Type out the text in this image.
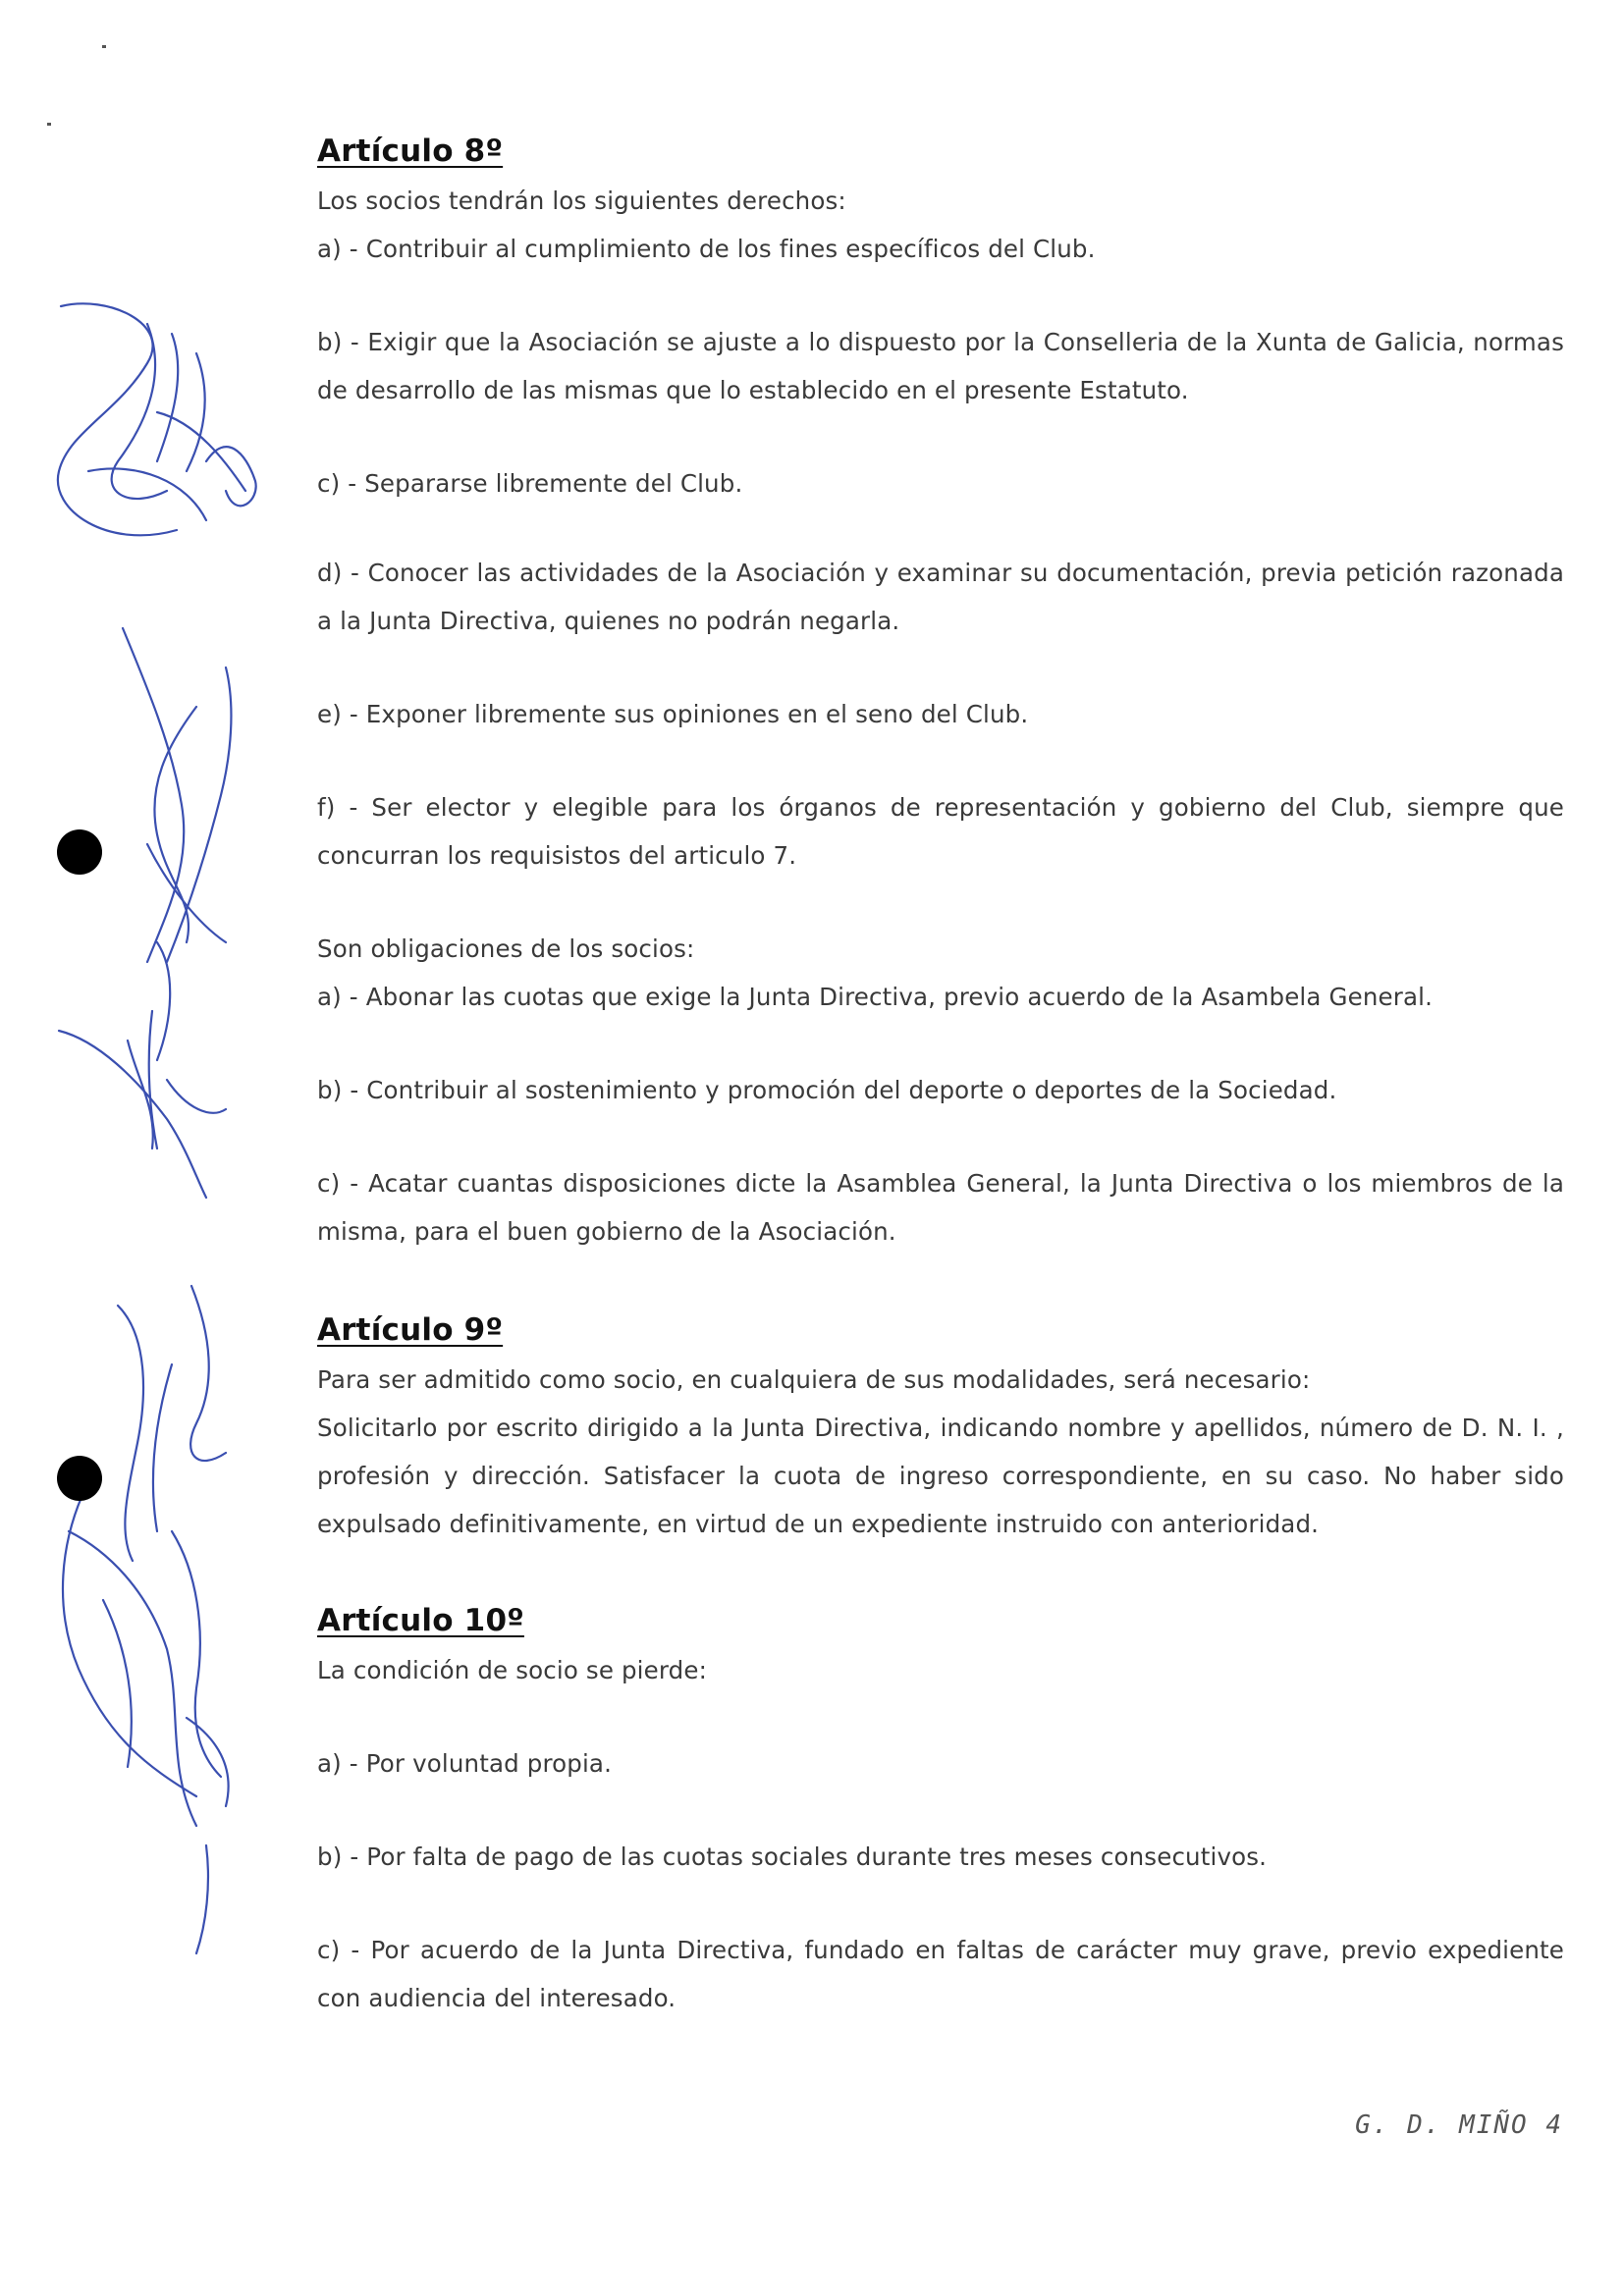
Artículo 8º

Los socios tendrán los siguientes derechos:

a) - Contribuir al cumplimiento de los fines específicos del Club.

b) - Exigir que la Asociación se ajuste a lo dispuesto por la Conselleria de la Xunta de Galicia, normas de desarrollo de las mismas que lo establecido en el presente Estatuto.

c) - Separarse libremente del Club.

d) - Conocer las actividades de la Asociación y examinar su documentación, previa petición razonada a la Junta Directiva, quienes no podrán negarla.

e) - Exponer libremente sus opiniones en el seno del Club.

f) - Ser elector y elegible para los órganos de representación y gobierno del Club, siempre que concurran los requisistos del articulo 7.

Son obligaciones de los socios:

a) - Abonar las cuotas que exige la Junta Directiva, previo acuerdo de la Asambela General.

b) - Contribuir al sostenimiento y promoción del deporte o deportes de la Sociedad.

c) - Acatar cuantas disposiciones dicte la Asamblea General, la Junta Directiva o los miembros de la misma, para el buen gobierno de la Asociación.

Artículo 9º

Para ser admitido como socio, en cualquiera de sus modalidades, será necesario:

Solicitarlo por escrito dirigido a la Junta Directiva, indicando nombre y apellidos, número de D. N. I. , profesión y dirección. Satisfacer la cuota de ingreso correspondiente, en su caso. No haber sido expulsado definitivamente, en virtud de un expediente instruido con anterioridad.

Artículo 10º

La condición de socio se pierde:

a) - Por voluntad propia.

b) - Por falta de pago de las cuotas sociales durante tres meses consecutivos.

c) - Por acuerdo de la Junta Directiva, fundado en faltas de carácter muy grave, previo expediente con audiencia del interesado.

G. D. MIÑO 4
